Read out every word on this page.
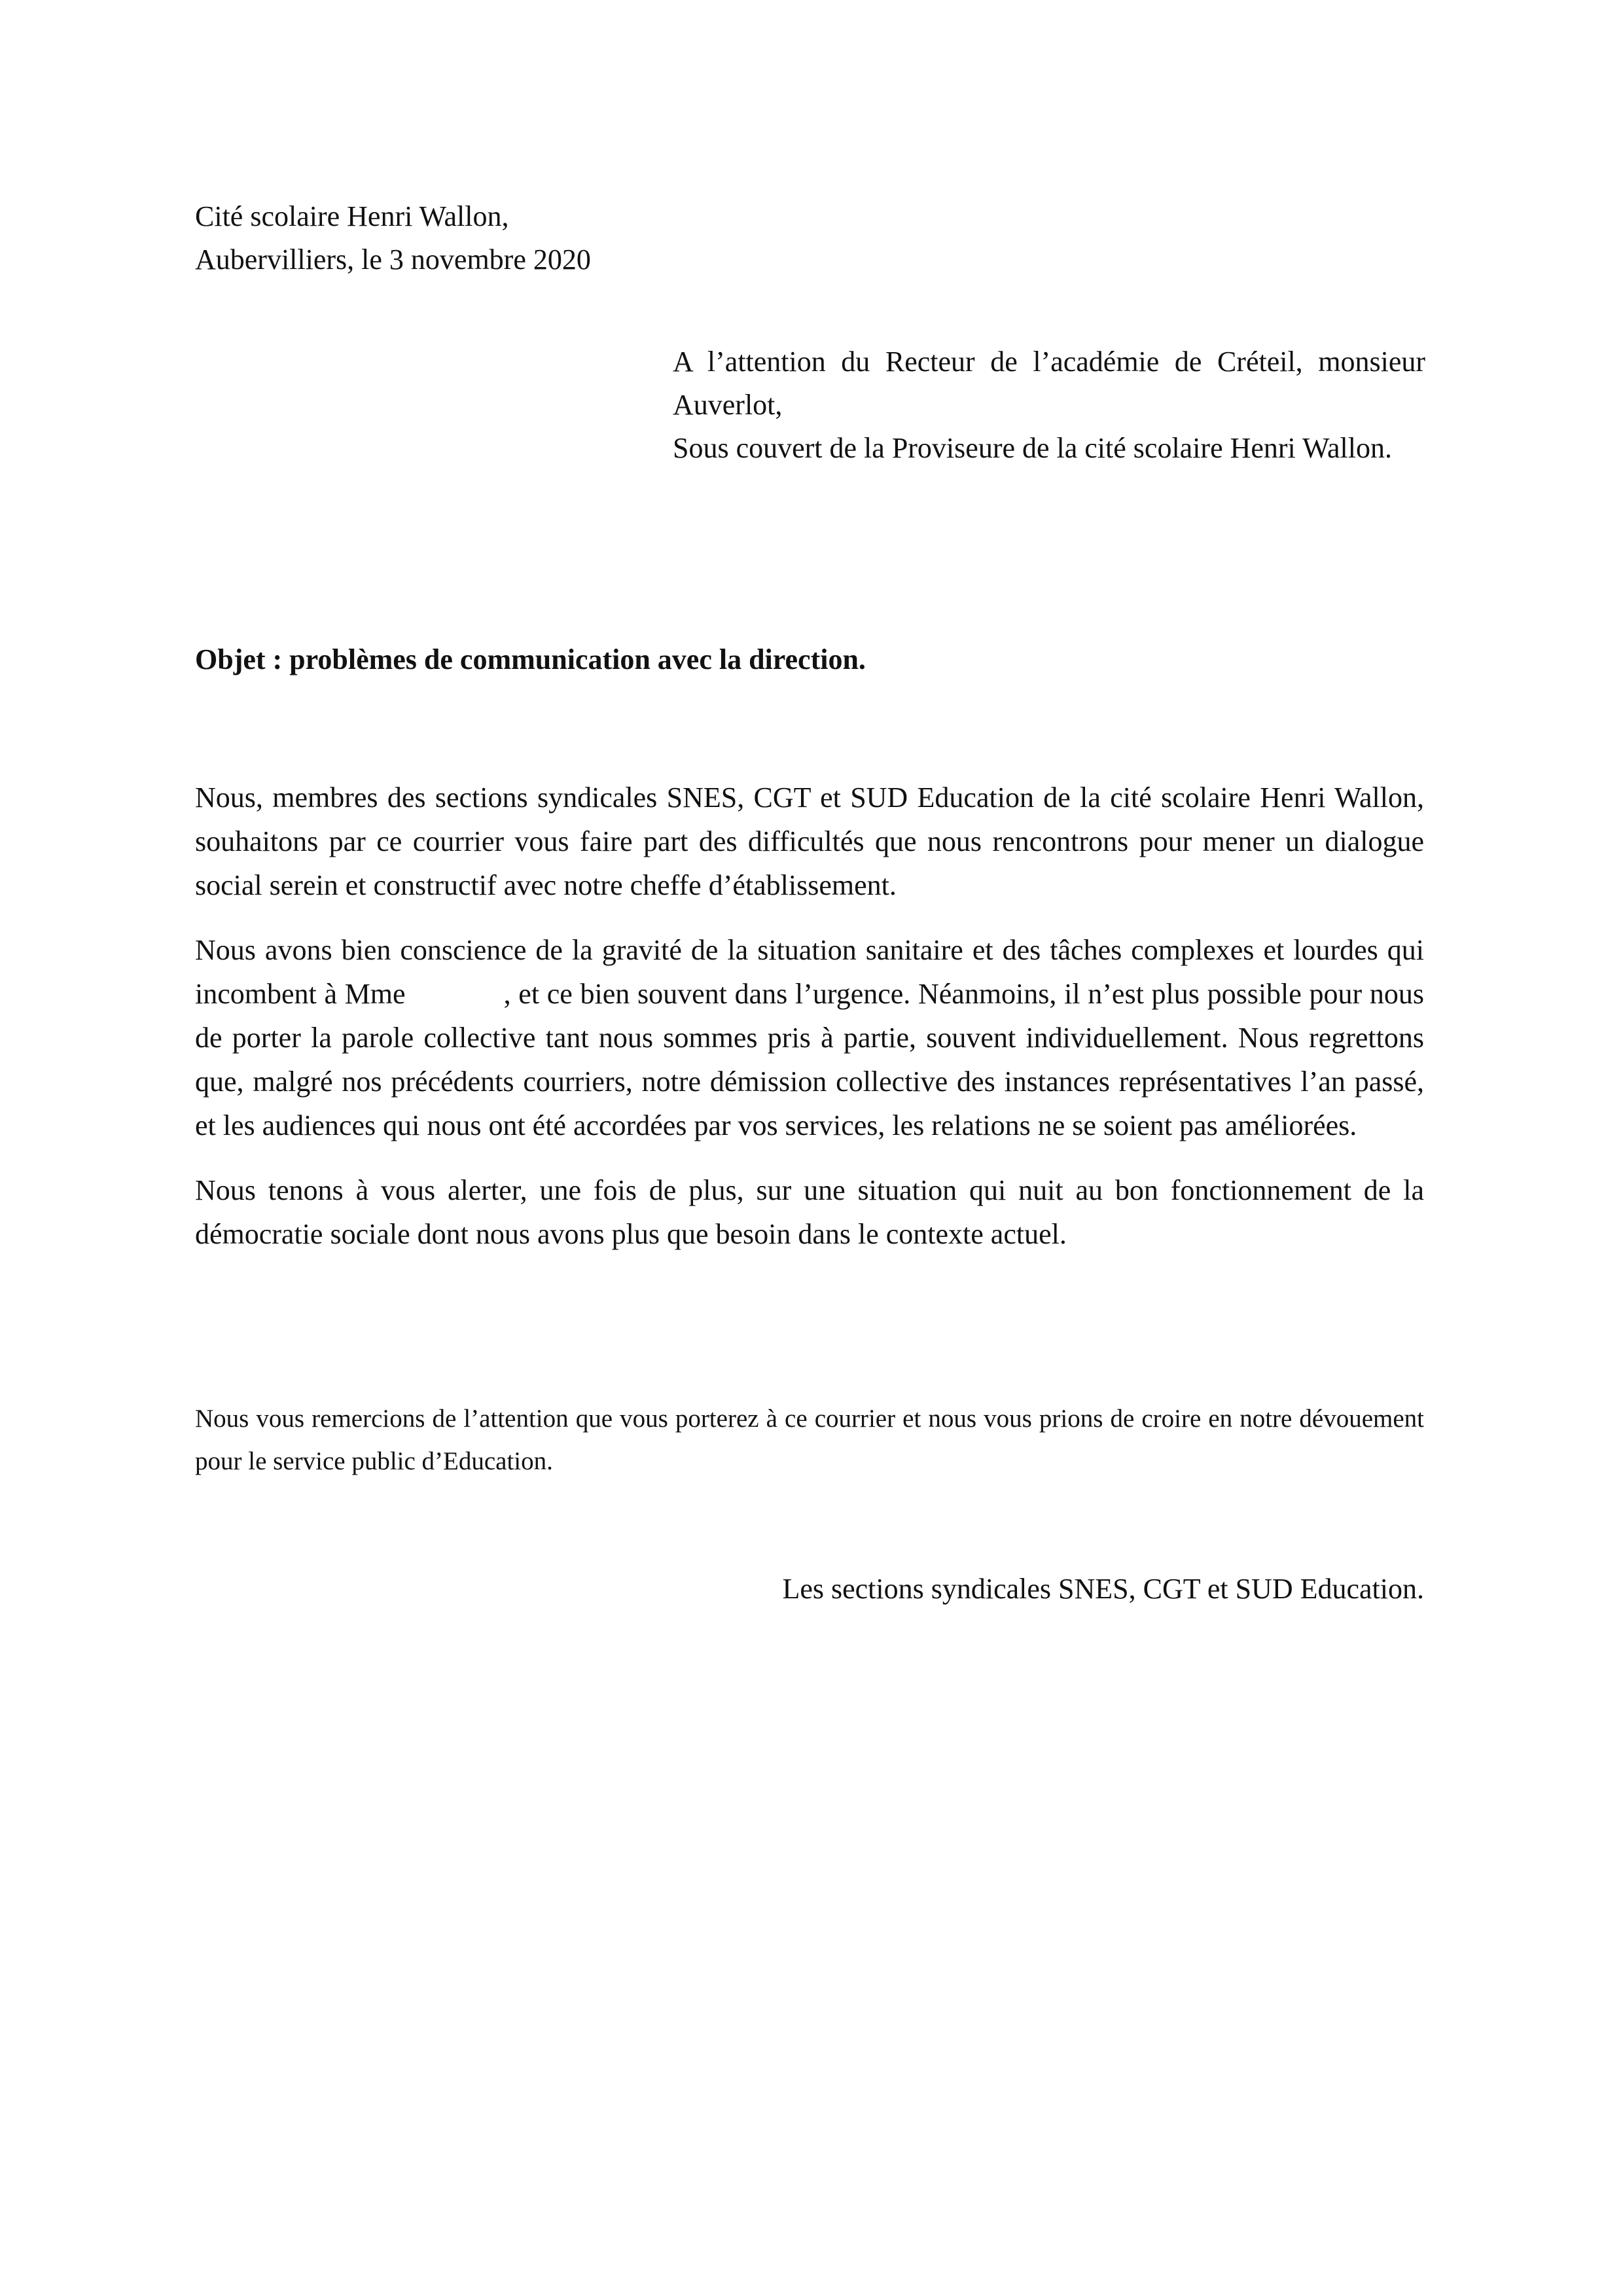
Cité scolaire Henri Wallon,
Aubervilliers, le 3 novembre 2020

A l’attention du Recteur de l’académie de Créteil, monsieur Auverlot,

Sous couvert de la Proviseure de la cité scolaire Henri Wallon.

Objet : problèmes de communication avec la direction.

Nous, membres des sections syndicales SNES, CGT et SUD Education de la cité scolaire Henri Wallon, souhaitons par ce courrier vous faire part des difficultés que nous rencontrons pour mener un dialogue social serein et constructif avec notre cheffe d’établissement.

Nous avons bien conscience de la gravité de la situation sanitaire et des tâches complexes et lourdes qui incombent à Mme	, et ce bien souvent dans l’urgence. Néanmoins, il n’est plus possible pour nous de porter la parole collective tant nous sommes pris à partie, souvent individuellement. Nous regrettons que, malgré nos précédents courriers, notre démission collective des instances représentatives l’an passé, et les audiences qui nous ont été accordées par vos services, les relations ne se soient pas améliorées.

Nous tenons à vous alerter, une fois de plus, sur une situation qui nuit au bon fonctionnement de la démocratie sociale dont nous avons plus que besoin dans le contexte actuel.

Nous vous remercions de l’attention que vous porterez à ce courrier et nous vous prions de croire en notre dévouement pour le service public d’Education.

Les sections syndicales SNES, CGT et SUD Education.
